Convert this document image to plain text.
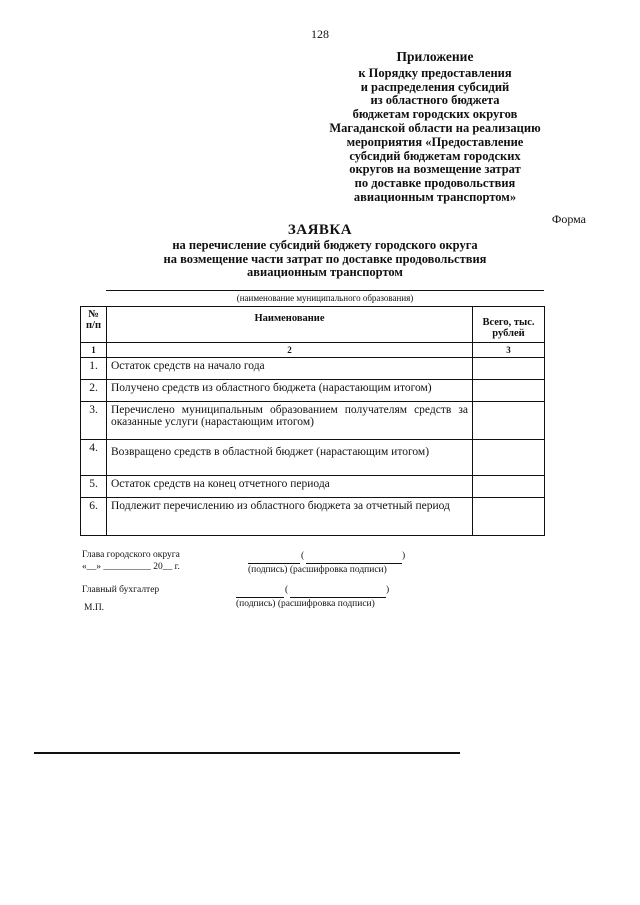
128
Приложение
к Порядку предоставления
и распределения субсидий
из областного бюджета
бюджетам городских округов
Магаданской области на реализацию
мероприятия «Предоставление
субсидий бюджетам городских
округов на возмещение затрат
по доставке продовольствия
авиационным транспортом»
Форма
ЗАЯВКА
на перечисление субсидий бюджету городского округа
на возмещение части затрат по доставке продовольствия
авиационным транспортом
(наименование муниципального образования)
№ п/п	Наименование	Всего, тыс. рублей
1	2	3
1.	Остаток средств на начало года	
2.	Получено средств из областного бюджета (нарастающим итогом)	
3.	Перечислено муниципальным образованием получателям средств за оказанные услуги (нарастающим итогом)	
4.	Возвращено средств в областной бюджет (нарастающим итогом)	
5.	Остаток средств на конец отчетного периода	
6.	Подлежит перечислению из областного бюджета за отчетный период	
Глава городского округа
«__» __________ 20__ г.
(	)
(подпись) (расшифровка подписи)
Главный бухгалтер	(	)
(подпись) (расшифровка подписи)
М.П.
